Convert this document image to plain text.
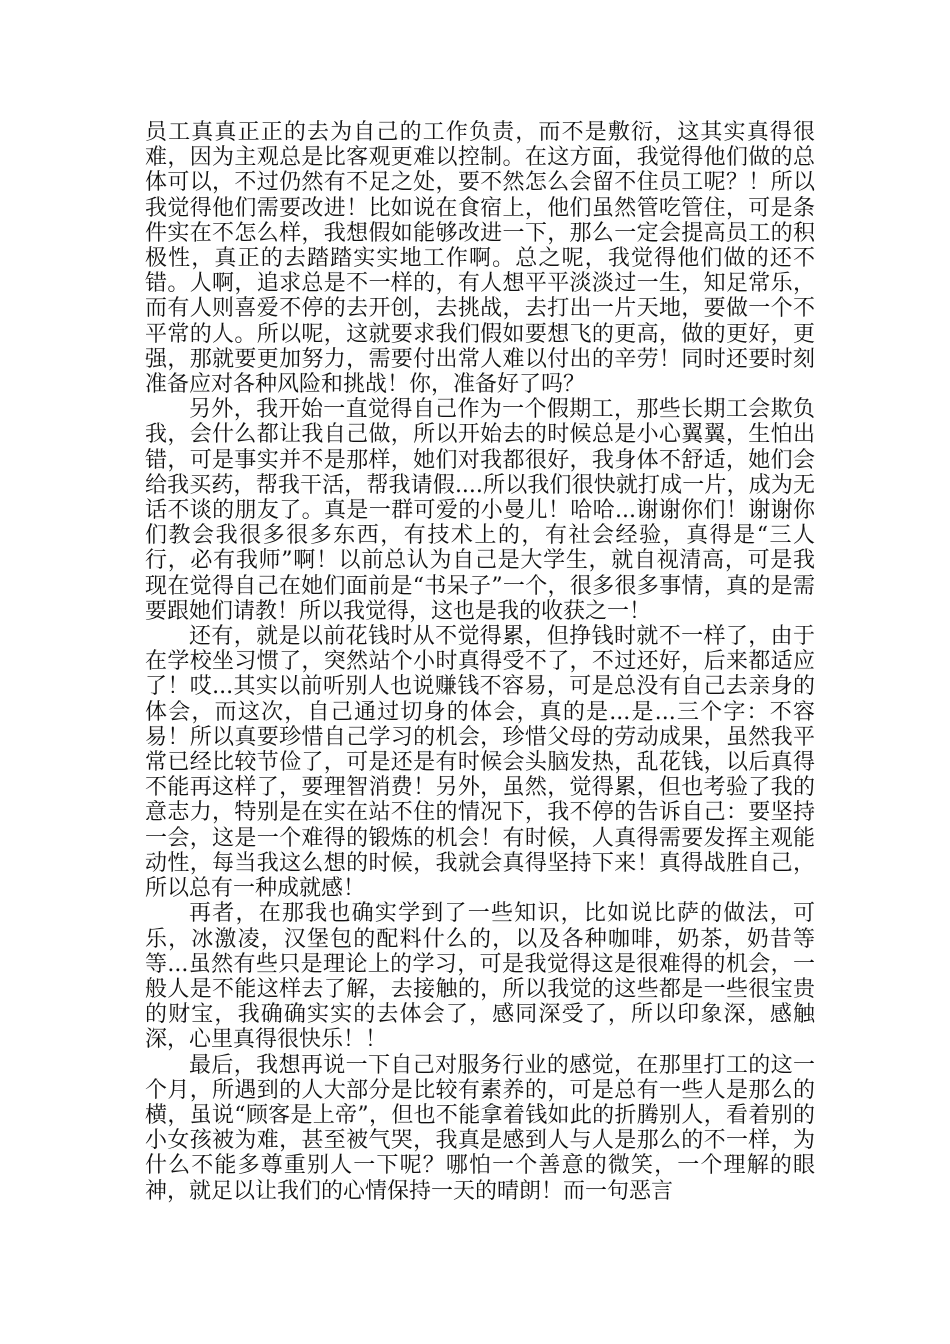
员工真真正正的去为自己的工作负责，而不是敷衍，这其实真得很难，因为主观总是比客观更难以控制。在这方面，我觉得他们做的总体可以，不过仍然有不足之处，要不然怎么会留不住员工呢？！所以我觉得他们需要改进！比如说在食宿上，他们虽然管吃管住，可是条件实在不怎么样，我想假如能够改进一下，那么一定会提高员工的积极性，真正的去踏踏实实地工作啊。总之呢，我觉得他们做的还不错。人啊，追求总是不一样的，有人想平平淡淡过一生，知足常乐，而有人则喜爱不停的去开创，去挑战，去打出一片天地，要做一个不平常的人。所以呢，这就要求我们假如要想飞的更高，做的更好，更强，那就要更加努力，需要付出常人难以付出的辛劳！同时还要时刻准备应对各种风险和挑战！你，准备好了吗？

另外，我开始一直觉得自己作为一个假期工，那些长期工会欺负我，会什么都让我自己做，所以开始去的时候总是小心翼翼，生怕出错，可是事实并不是那样，她们对我都很好，我身体不舒适，她们会给我买药，帮我干活，帮我请假....所以我们很快就打成一片，成为无话不谈的朋友了。真是一群可爱的小曼儿！哈哈...谢谢你们！谢谢你们教会我很多很多东西，有技术上的，有社会经验，真得是“三人行，必有我师”啊！以前总认为自己是大学生，就自视清高，可是我现在觉得自己在她们面前是“书呆子”一个，很多很多事情，真的是需要跟她们请教！所以我觉得，这也是我的收获之一！

还有，就是以前花钱时从不觉得累，但挣钱时就不一样了，由于在学校坐习惯了，突然站个小时真得受不了，不过还好，后来都适应了！哎...其实以前听别人也说赚钱不容易，可是总没有自己去亲身的体会，而这次，自己通过切身的体会，真的是...是...三个字：不容易！所以真要珍惜自己学习的机会，珍惜父母的劳动成果，虽然我平常已经比较节俭了，可是还是有时候会头脑发热，乱花钱，以后真得不能再这样了，要理智消费！另外，虽然，觉得累，但也考验了我的意志力，特别是在实在站不住的情况下，我不停的告诉自己：要坚持一会，这是一个难得的锻炼的机会！有时候，人真得需要发挥主观能动性，每当我这么想的时候，我就会真得坚持下来！真得战胜自己，所以总有一种成就感！

再者，在那我也确实学到了一些知识，比如说比萨的做法，可乐，冰激凌，汉堡包的配料什么的，以及各种咖啡，奶茶，奶昔等等...虽然有些只是理论上的学习，可是我觉得这是很难得的机会，一般人是不能这样去了解，去接触的，所以我觉的这些都是一些很宝贵的财宝，我确确实实的去体会了，感同深受了，所以印象深，感触深，心里真得很快乐！！

最后，我想再说一下自己对服务行业的感觉，在那里打工的这一个月，所遇到的人大部分是比较有素养的，可是总有一些人是那么的横，虽说“顾客是上帝”，但也不能拿着钱如此的折腾别人，看着别的小女孩被为难，甚至被气哭，我真是感到人与人是那么的不一样，为什么不能多尊重别人一下呢？哪怕一个善意的微笑，一个理解的眼神，就足以让我们的心情保持一天的晴朗！而一句恶言
